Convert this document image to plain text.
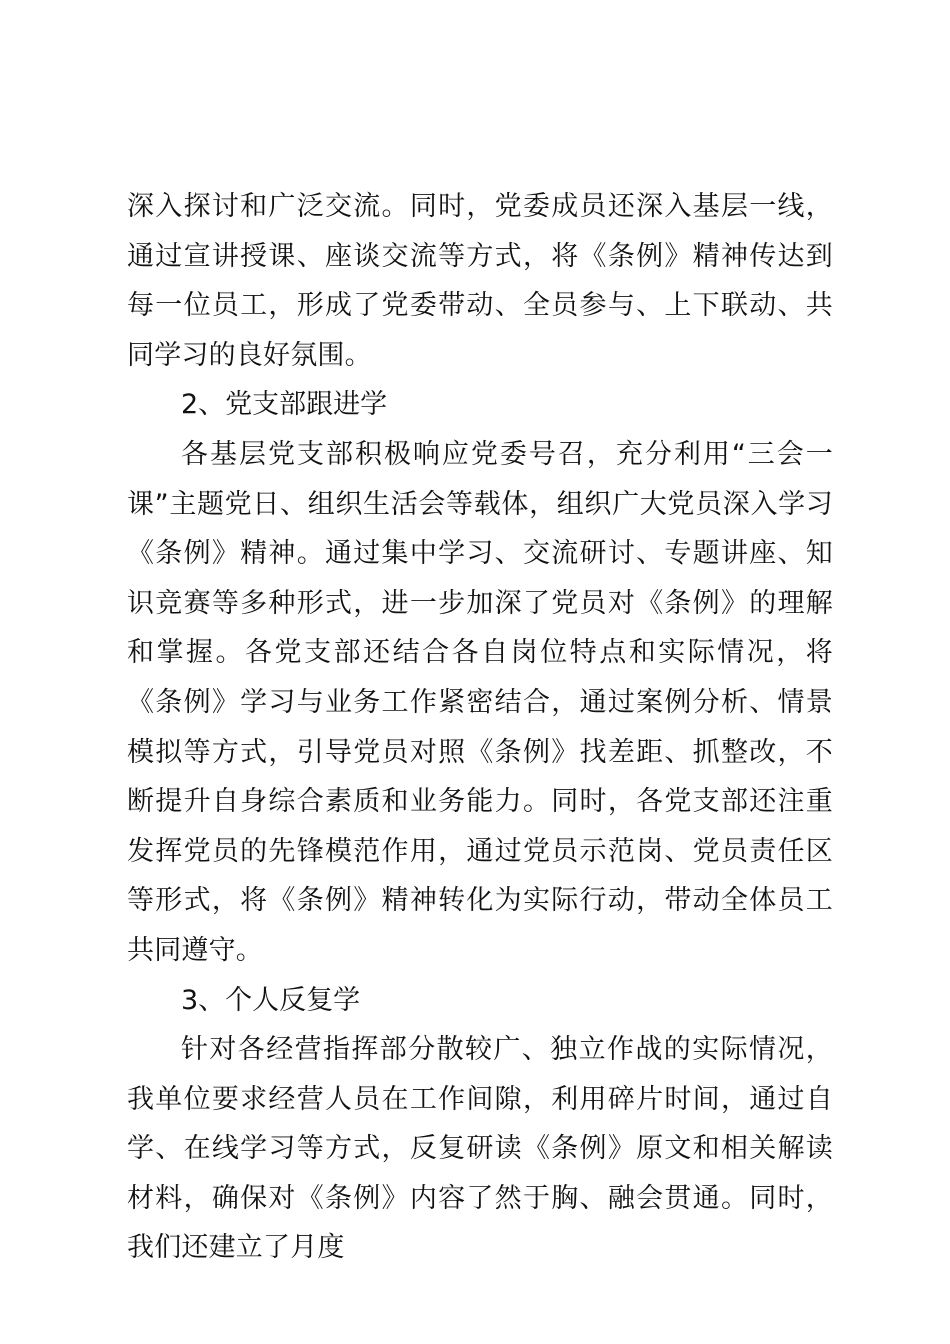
深入探讨和广泛交流。同时，党委成员还深入基层一线，通过宣讲授课、座谈交流等方式，将《条例》精神传达到每一位员工，形成了党委带动、全员参与、上下联动、共同学习的良好氛围。

2、党支部跟进学

各基层党支部积极响应党委号召，充分利用“三会一课”主题党日、组织生活会等载体，组织广大党员深入学习《条例》精神。通过集中学习、交流研讨、专题讲座、知识竞赛等多种形式，进一步加深了党员对《条例》的理解和掌握。各党支部还结合各自岗位特点和实际情况，将《条例》学习与业务工作紧密结合，通过案例分析、情景模拟等方式，引导党员对照《条例》找差距、抓整改，不断提升自身综合素质和业务能力。同时，各党支部还注重发挥党员的先锋模范作用，通过党员示范岗、党员责任区等形式，将《条例》精神转化为实际行动，带动全体员工共同遵守。

3、个人反复学

针对各经营指挥部分散较广、独立作战的实际情况，我单位要求经营人员在工作间隙，利用碎片时间，通过自学、在线学习等方式，反复研读《条例》原文和相关解读材料，确保对《条例》内容了然于胸、融会贯通。同时，我们还建立了月度
